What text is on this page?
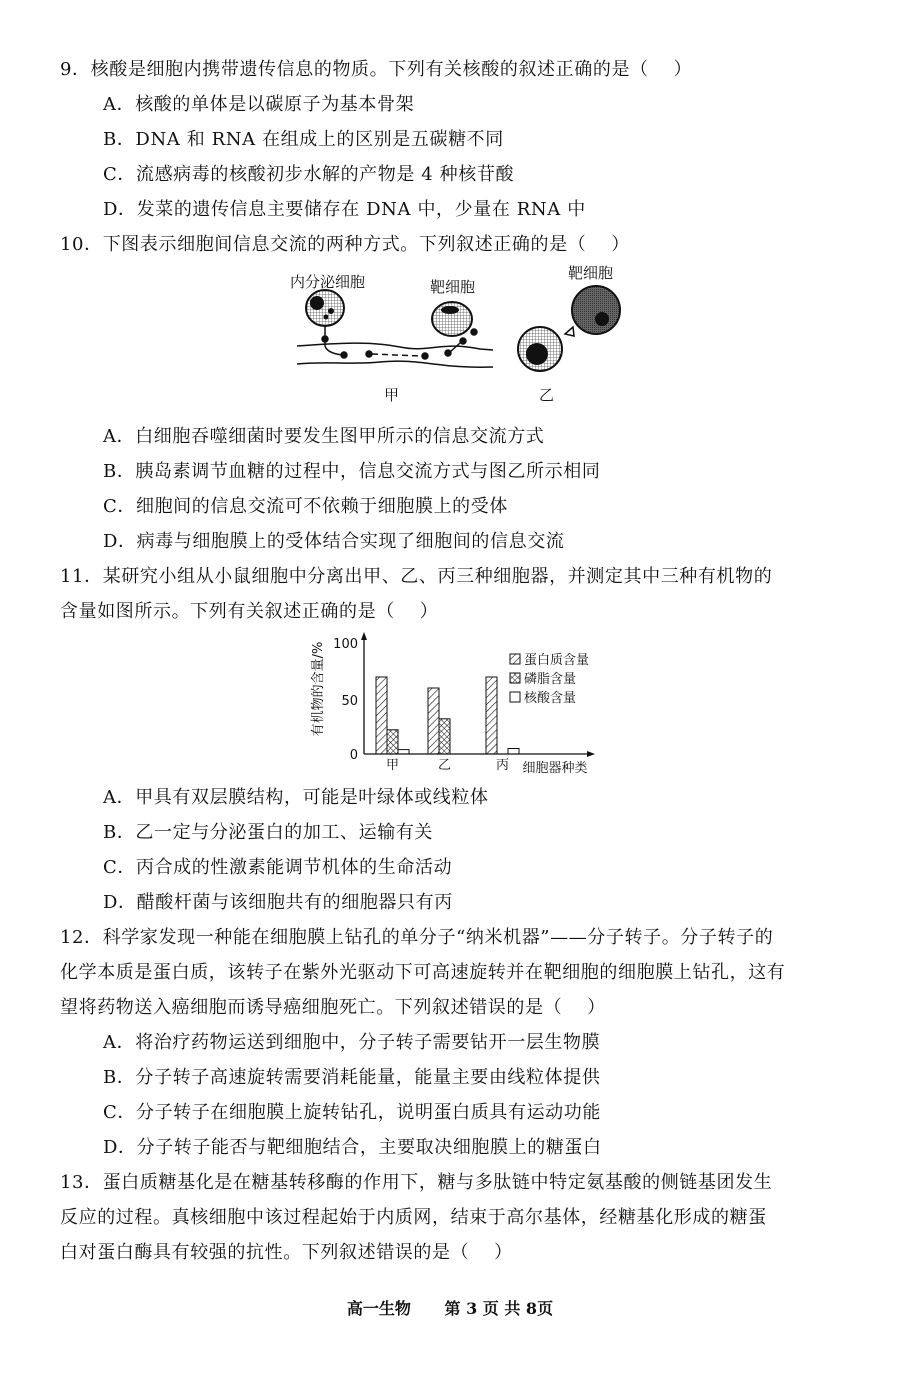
9．核酸是细胞内携带遗传信息的物质。下列有关核酸的叙述正确的是（　 ）
A．核酸的单体是以碳原子为基本骨架
B．DNA 和 RNA 在组成上的区别是五碳糖不同
C．流感病毒的核酸初步水解的产物是 4 种核苷酸
D．发菜的遗传信息主要储存在 DNA 中，少量在 RNA 中
10．下图表示细胞间信息交流的两种方式。下列叙述正确的是（　 ）
内分泌细胞	靶细胞
靶细胞
甲	乙
A．白细胞吞噬细菌时要发生图甲所示的信息交流方式
B．胰岛素调节血糖的过程中，信息交流方式与图乙所示相同
C．细胞间的信息交流可不依赖于细胞膜上的受体
D．病毒与细胞膜上的受体结合实现了细胞间的信息交流
11．某研究小组从小鼠细胞中分离出甲、乙、丙三种细胞器，并测定其中三种有机物的
含量如图所示。下列有关叙述正确的是（　 ）
100
50
0
有机物的含量/%
细胞器种类
甲	乙	丙
蛋白质含量
磷脂含量
核酸含量
A．甲具有双层膜结构，可能是叶绿体或线粒体
B．乙一定与分泌蛋白的加工、运输有关
C．丙合成的性激素能调节机体的生命活动
D．醋酸杆菌与该细胞共有的细胞器只有丙
12．科学家发现一种能在细胞膜上钻孔的单分子“纳米机器”——分子转子。分子转子的
化学本质是蛋白质，该转子在紫外光驱动下可高速旋转并在靶细胞的细胞膜上钻孔，这有
望将药物送入癌细胞而诱导癌细胞死亡。下列叙述错误的是（　 ）
A．将治疗药物运送到细胞中，分子转子需要钻开一层生物膜
B．分子转子高速旋转需要消耗能量，能量主要由线粒体提供
C．分子转子在细胞膜上旋转钻孔，说明蛋白质具有运动功能
D．分子转子能否与靶细胞结合，主要取决细胞膜上的糖蛋白
13．蛋白质糖基化是在糖基转移酶的作用下，糖与多肽链中特定氨基酸的侧链基团发生
反应的过程。真核细胞中该过程起始于内质网，结束于高尔基体，经糖基化形成的糖蛋
白对蛋白酶具有较强的抗性。下列叙述错误的是（　 ）
高一生物 第 3 页 共 8页
